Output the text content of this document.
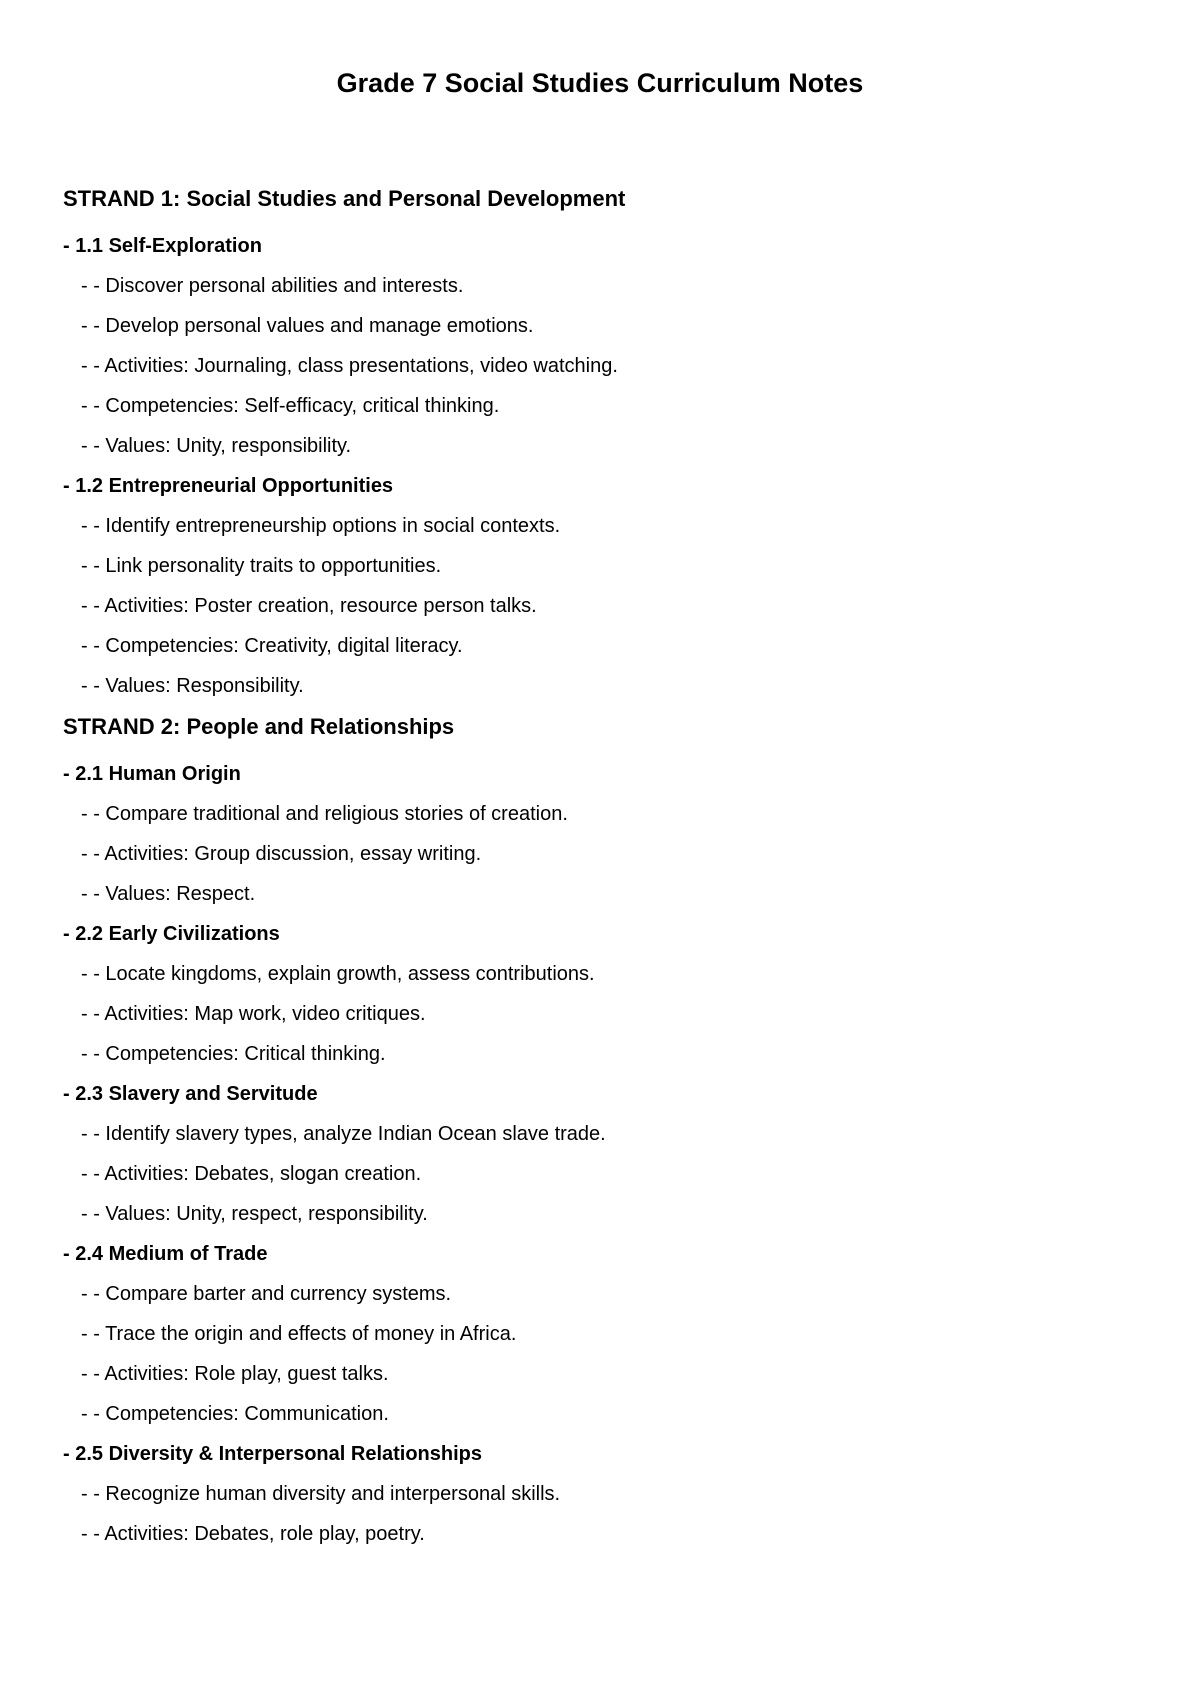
Grade 7 Social Studies Curriculum Notes
STRAND 1: Social Studies and Personal Development
- 1.1 Self-Exploration
- - Discover personal abilities and interests.
- - Develop personal values and manage emotions.
- - Activities: Journaling, class presentations, video watching.
- - Competencies: Self-efficacy, critical thinking.
- - Values: Unity, responsibility.
- 1.2 Entrepreneurial Opportunities
- - Identify entrepreneurship options in social contexts.
- - Link personality traits to opportunities.
- - Activities: Poster creation, resource person talks.
- - Competencies: Creativity, digital literacy.
- - Values: Responsibility.
STRAND 2: People and Relationships
- 2.1 Human Origin
- - Compare traditional and religious stories of creation.
- - Activities: Group discussion, essay writing.
- - Values: Respect.
- 2.2 Early Civilizations
- - Locate kingdoms, explain growth, assess contributions.
- - Activities: Map work, video critiques.
- - Competencies: Critical thinking.
- 2.3 Slavery and Servitude
- - Identify slavery types, analyze Indian Ocean slave trade.
- - Activities: Debates, slogan creation.
- - Values: Unity, respect, responsibility.
- 2.4 Medium of Trade
- - Compare barter and currency systems.
- - Trace the origin and effects of money in Africa.
- - Activities: Role play, guest talks.
- - Competencies: Communication.
- 2.5 Diversity & Interpersonal Relationships
- - Recognize human diversity and interpersonal skills.
- - Activities: Debates, role play, poetry.
